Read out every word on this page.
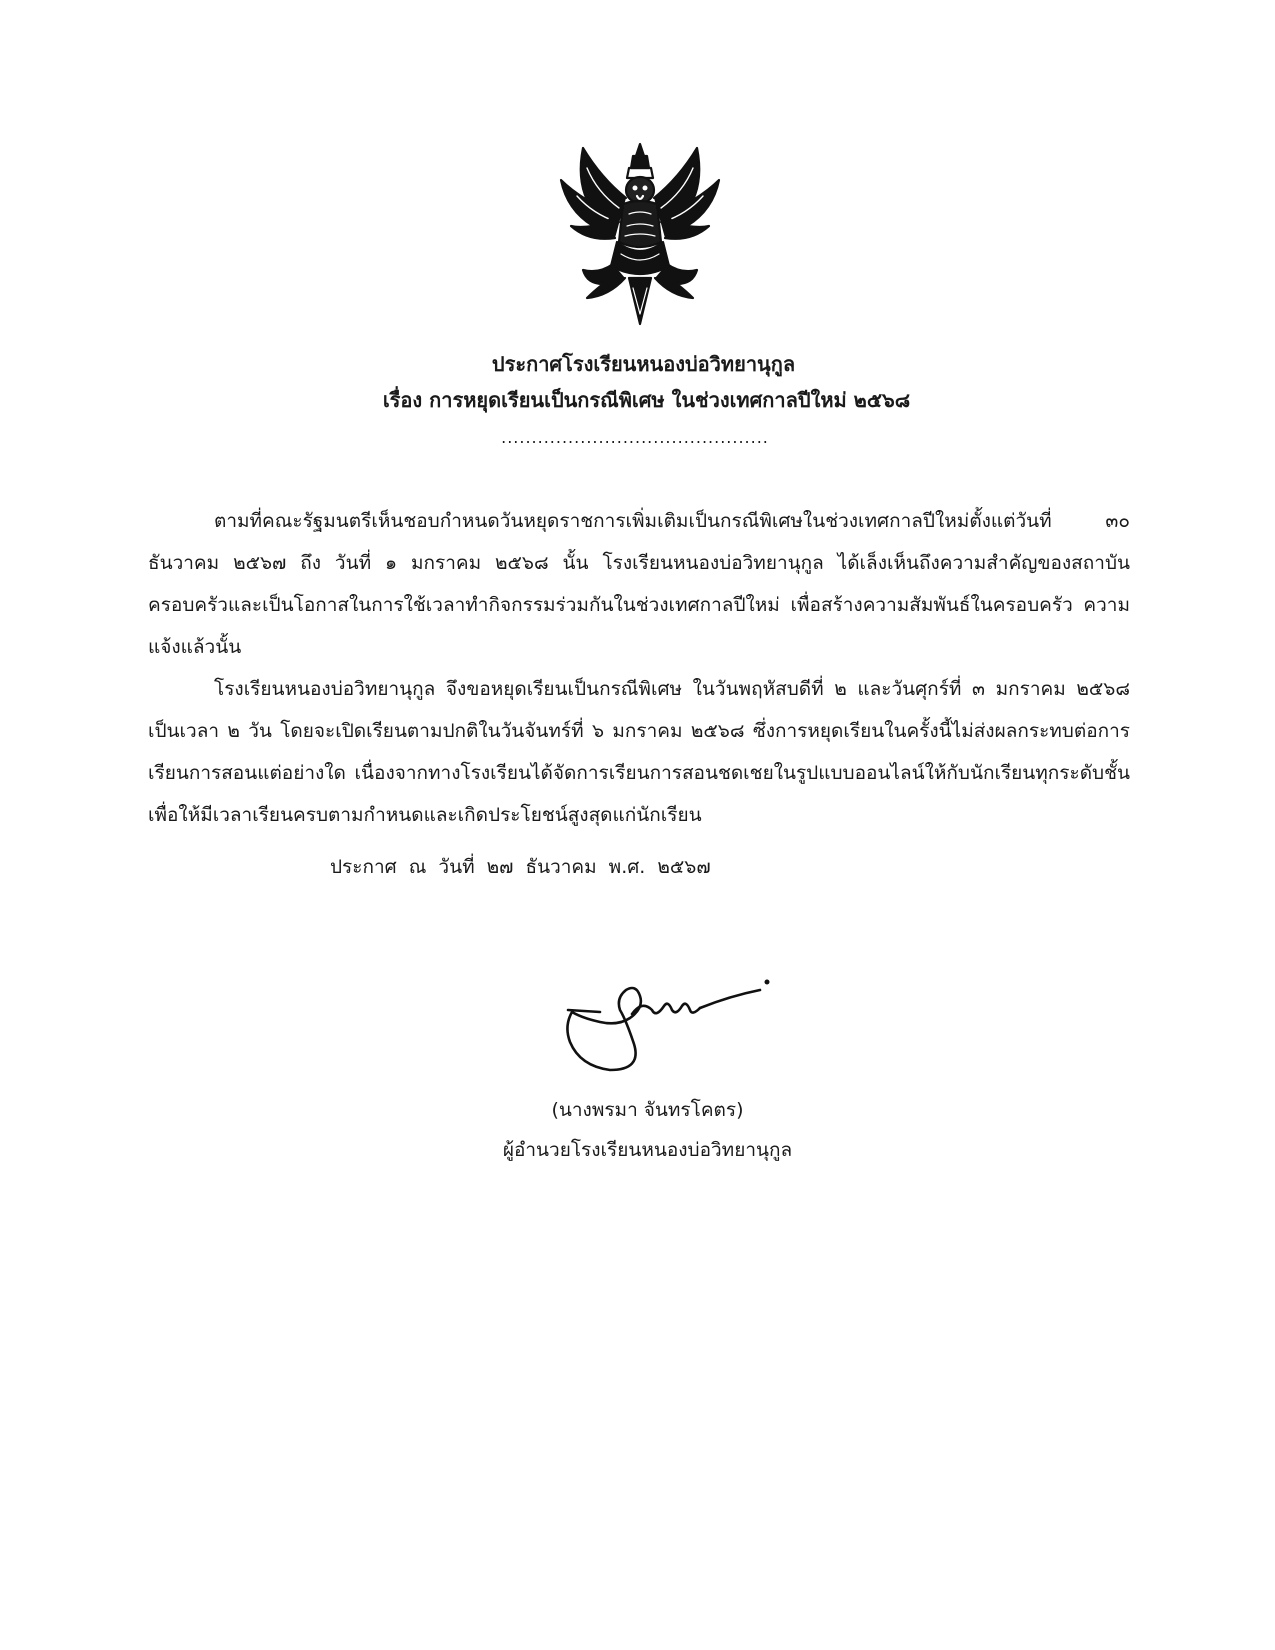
ประกาศโรงเรียนหนองบ่อวิทยานุกูล
เรื่อง การหยุดเรียนเป็นกรณีพิเศษ ในช่วงเทศกาลปีใหม่ ๒๕๖๘
............................................

ตามที่คณะรัฐมนตรีเห็นชอบกำหนดวันหยุดราชการเพิ่มเติมเป็นกรณีพิเศษในช่วงเทศกาลปีใหม่ตั้งแต่วันที่ ๓๐ ธันวาคม ๒๕๖๗ ถึง วันที่ ๑ มกราคม ๒๕๖๘ นั้น โรงเรียนหนองบ่อวิทยานุกูล ได้เล็งเห็นถึงความสำคัญของสถาบันครอบครัวและเป็นโอกาสในการใช้เวลาทำกิจกรรมร่วมกันในช่วงเทศกาลปีใหม่ เพื่อสร้างความสัมพันธ์ในครอบครัว ความแจ้งแล้วนั้น

โรงเรียนหนองบ่อวิทยานุกูล จึงขอหยุดเรียนเป็นกรณีพิเศษ ในวันพฤหัสบดีที่ ๒ และวันศุกร์ที่ ๓ มกราคม ๒๕๖๘ เป็นเวลา ๒ วัน โดยจะเปิดเรียนตามปกติในวันจันทร์ที่ ๖ มกราคม ๒๕๖๘ ซึ่งการหยุดเรียนในครั้งนี้ไม่ส่งผลกระทบต่อการเรียนการสอนแต่อย่างใด เนื่องจากทางโรงเรียนได้จัดการเรียนการสอนชดเชยในรูปแบบออนไลน์ให้กับนักเรียนทุกระดับชั้น เพื่อให้มีเวลาเรียนครบตามกำหนดและเกิดประโยชน์สูงสุดแก่นักเรียน

ประกาศ ณ วันที่ ๒๗ ธันวาคม พ.ศ. ๒๕๖๗
(นางพรมา จันทรโคตร)
ผู้อำนวยโรงเรียนหนองบ่อวิทยานุกูล
